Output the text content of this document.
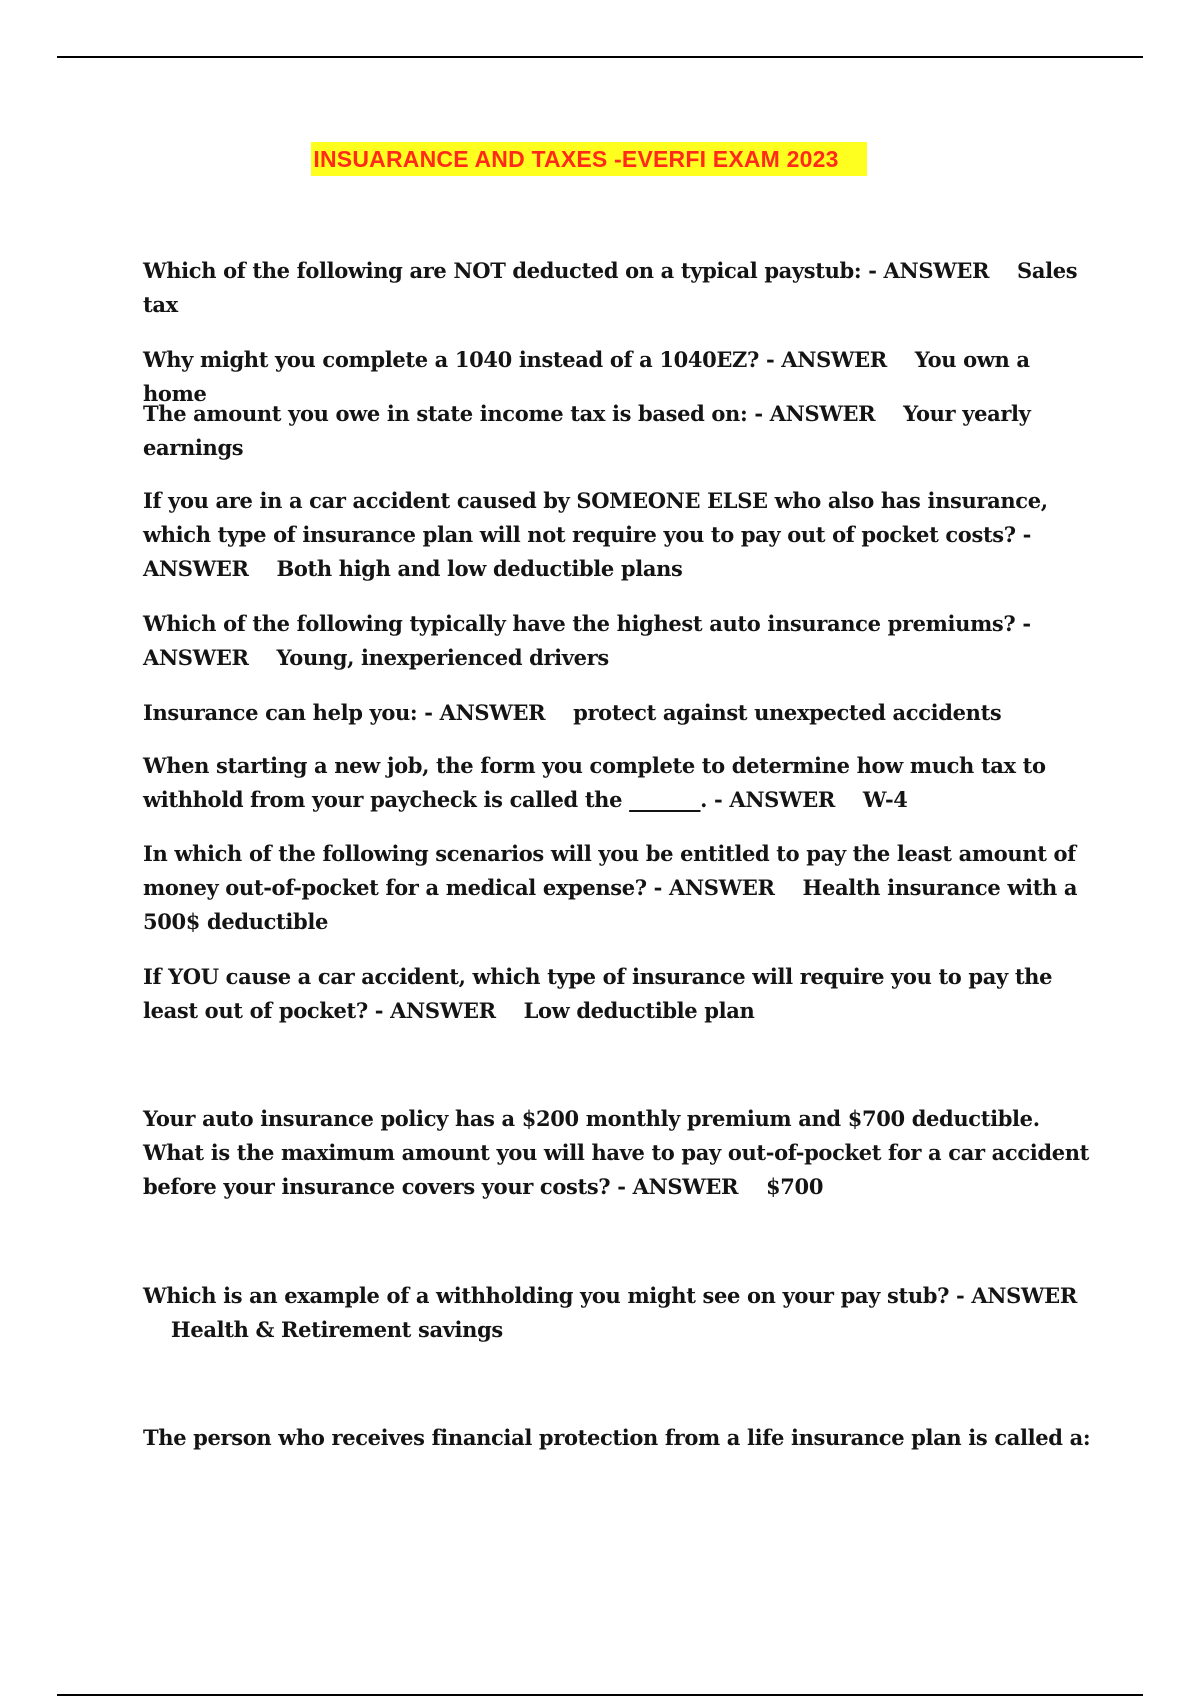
INSUARANCE AND TAXES -EVERFI EXAM 2023

Which of the following are NOT deducted on a typical paystub: - ANSWER Sales tax

Why might you complete a 1040 instead of a 1040EZ? - ANSWER You own a home

The amount you owe in state income tax is based on: - ANSWER Your yearly earnings

If you are in a car accident caused by SOMEONE ELSE who also has insurance, which type of insurance plan will not require you to pay out of pocket costs? - ANSWER Both high and low deductible plans

Which of the following typically have the highest auto insurance premiums? - ANSWER Young, inexperienced drivers

Insurance can help you: - ANSWER protect against unexpected accidents

When starting a new job, the form you complete to determine how much tax to withhold from your paycheck is called the _______. - ANSWER W-4

In which of the following scenarios will you be entitled to pay the least amount of money out-of-pocket for a medical expense? - ANSWER Health insurance with a 500$ deductible

If YOU cause a car accident, which type of insurance will require you to pay the least out of pocket? - ANSWER Low deductible plan

Your auto insurance policy has a $200 monthly premium and $700 deductible. What is the maximum amount you will have to pay out-of-pocket for a car accident before your insurance covers your costs? - ANSWER $700

Which is an example of a withholding you might see on your pay stub? - ANSWER    Health & Retirement savings

The person who receives financial protection from a life insurance plan is called a:
